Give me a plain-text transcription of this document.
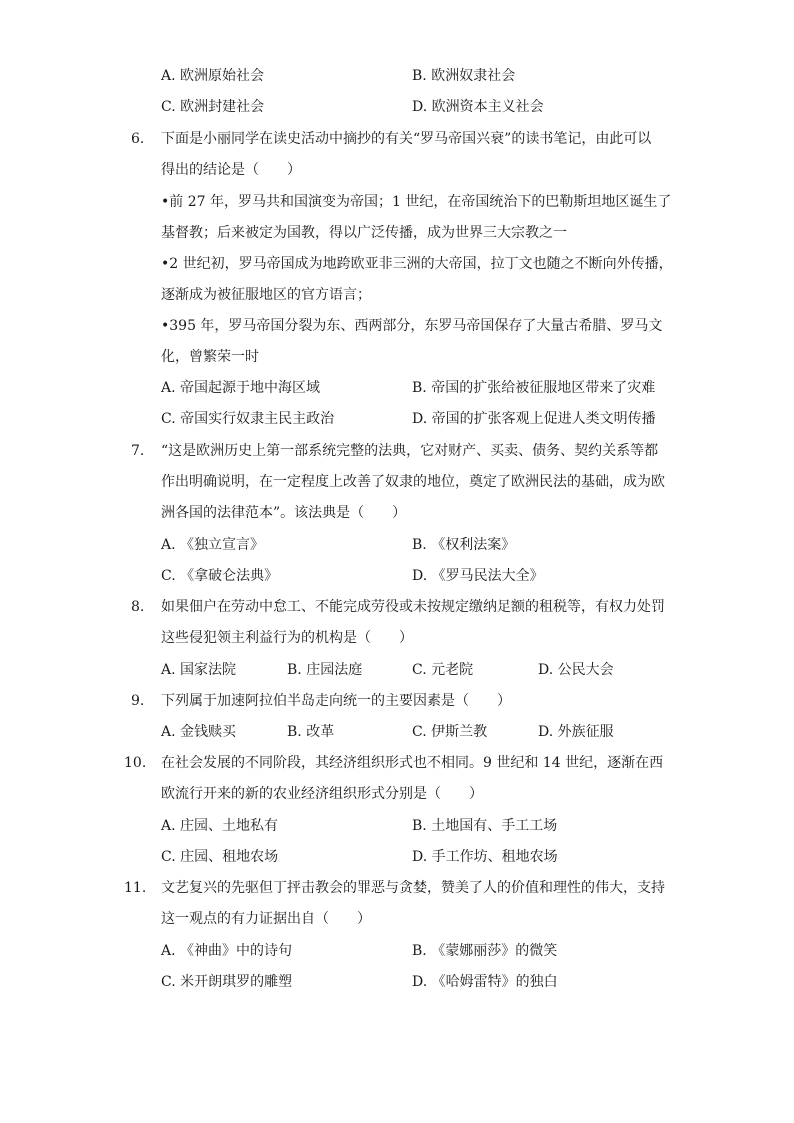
A. 欧洲原始社会	B. 欧洲奴隶社会
C. 欧洲封建社会	D. 欧洲资本主义社会
6. 下面是小丽同学在读史活动中摘抄的有关“罗马帝国兴衰”的读书笔记，由此可以
得出的结论是（　　）
•前 27 年，罗马共和国演变为帝国；1 世纪，在帝国统治下的巴勒斯坦地区诞生了
基督教；后来被定为国教，得以广泛传播，成为世界三大宗教之一
•2 世纪初，罗马帝国成为地跨欧亚非三洲的大帝国，拉丁文也随之不断向外传播，
逐渐成为被征服地区的官方语言；
•395 年，罗马帝国分裂为东、西两部分，东罗马帝国保存了大量古希腊、罗马文
化，曾繁荣一时
A. 帝国起源于地中海区域	B. 帝国的扩张给被征服地区带来了灾难
C. 帝国实行奴隶主民主政治	D. 帝国的扩张客观上促进人类文明传播
7. “这是欧洲历史上第一部系统完整的法典，它对财产、买卖、债务、契约关系等都
作出明确说明，在一定程度上改善了奴隶的地位，奠定了欧洲民法的基础，成为欧
洲各国的法律范本”。该法典是（　　）
A. 《独立宣言》	B. 《权利法案》
C. 《拿破仑法典》	D. 《罗马民法大全》
8. 如果佃户在劳动中怠工、不能完成劳役或未按规定缴纳足额的租税等，有权力处罚
这些侵犯领主利益行为的机构是（　　）
A. 国家法院	B. 庄园法庭	C. 元老院	D. 公民大会
9. 下列属于加速阿拉伯半岛走向统一的主要因素是（　　）
A. 金钱赎买	B. 改革	C. 伊斯兰教	D. 外族征服
10. 在社会发展的不同阶段，其经济组织形式也不相同。9 世纪和 14 世纪，逐渐在西
欧流行开来的新的农业经济组织形式分别是（　　）
A. 庄园、土地私有	B. 土地国有、手工工场
C. 庄园、租地农场	D. 手工作坊、租地农场
11. 文艺复兴的先驱但丁抨击教会的罪恶与贪婪，赞美了人的价值和理性的伟大，支持
这一观点的有力证据出自（　　）
A. 《神曲》中的诗句	B. 《蒙娜丽莎》的微笑
C. 米开朗琪罗的雕塑	D. 《哈姆雷特》的独白
